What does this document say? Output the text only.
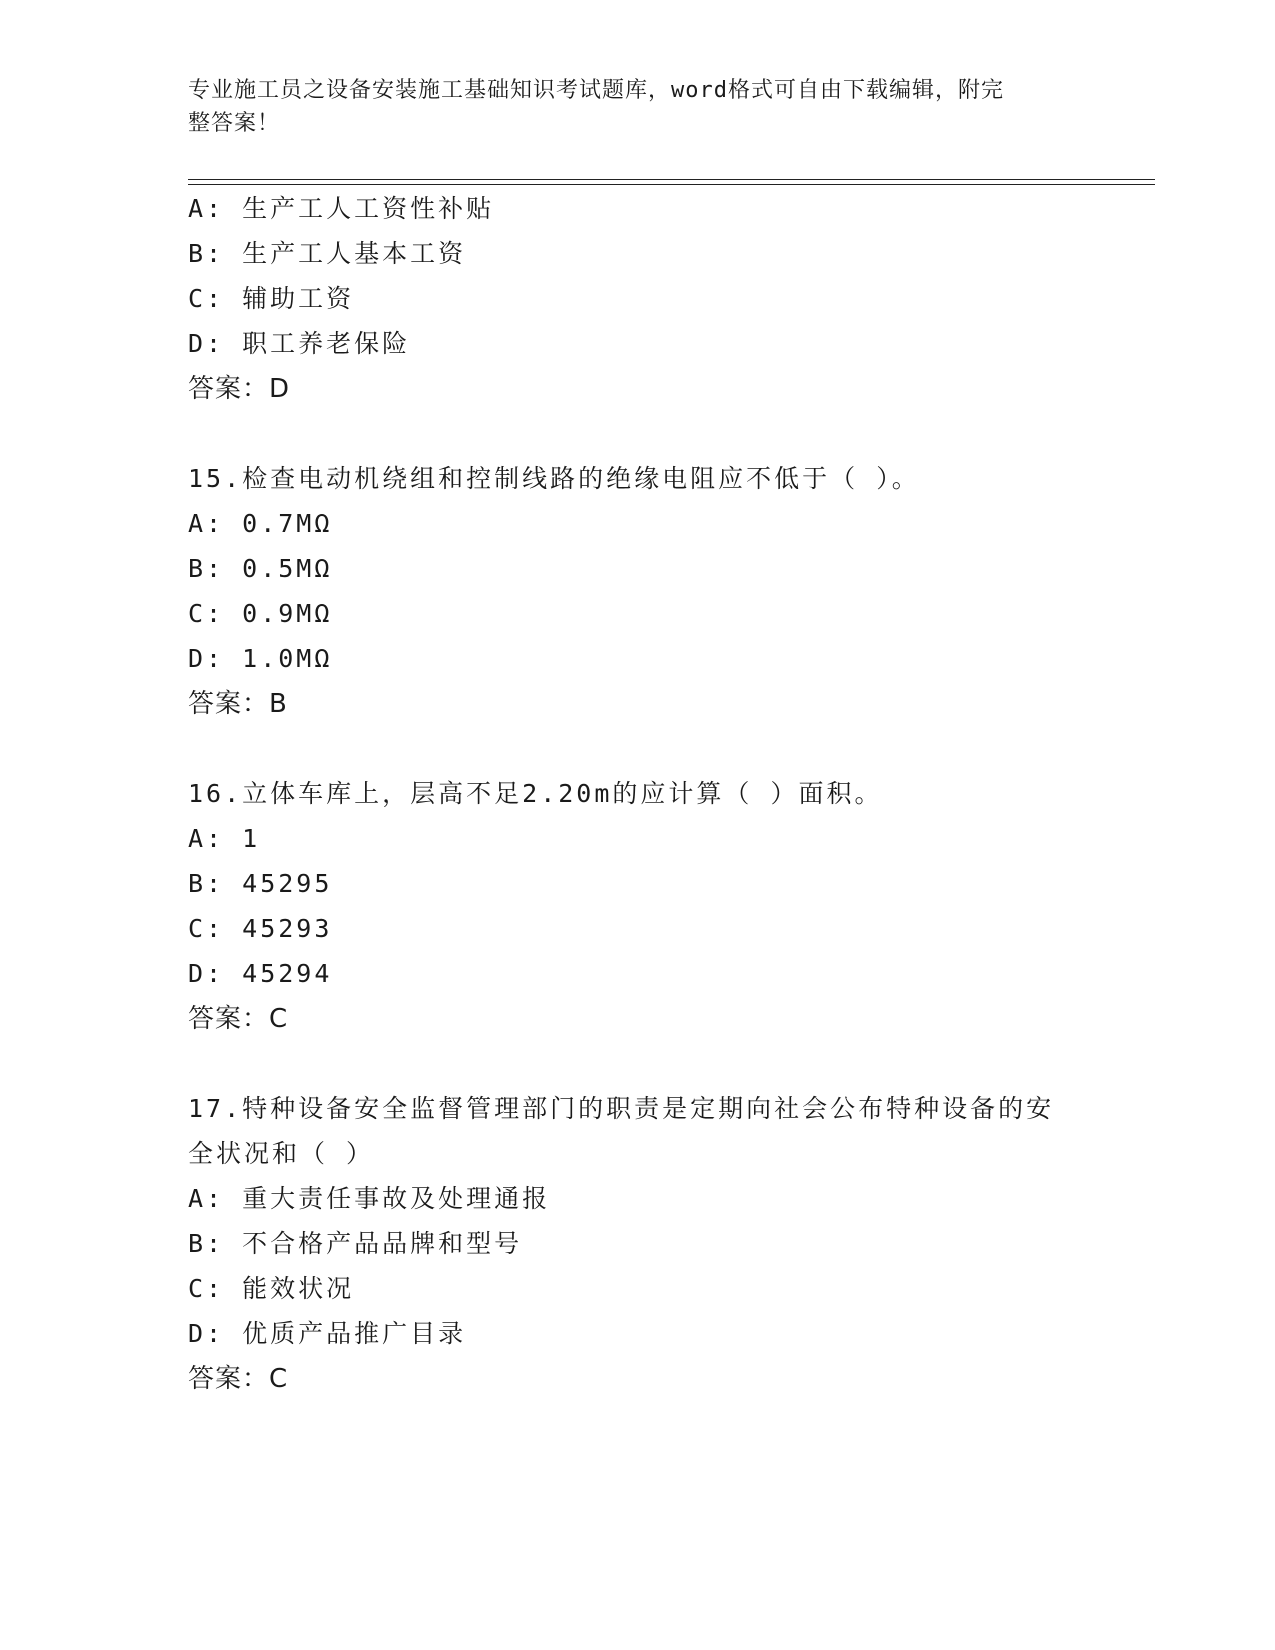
专业施工员之设备安装施工基础知识考试题库，word格式可自由下载编辑，附完
整答案！
A: 生产工人工资性补贴
B: 生产工人基本工资
C: 辅助工资
D: 职工养老保险
答案：D
15.检查电动机绕组和控制线路的绝缘电阻应不低于（ ）。
A: 0.7MΩ
B: 0.5MΩ
C: 0.9MΩ
D: 1.0MΩ
答案：B
16.立体车库上，层高不足2.20m的应计算（ ）面积。
A: 1
B: 45295
C: 45293
D: 45294
答案：C
17.特种设备安全监督管理部门的职责是定期向社会公布特种设备的安
全状况和（ ）
A: 重大责任事故及处理通报
B: 不合格产品品牌和型号
C: 能效状况
D: 优质产品推广目录
答案：C
